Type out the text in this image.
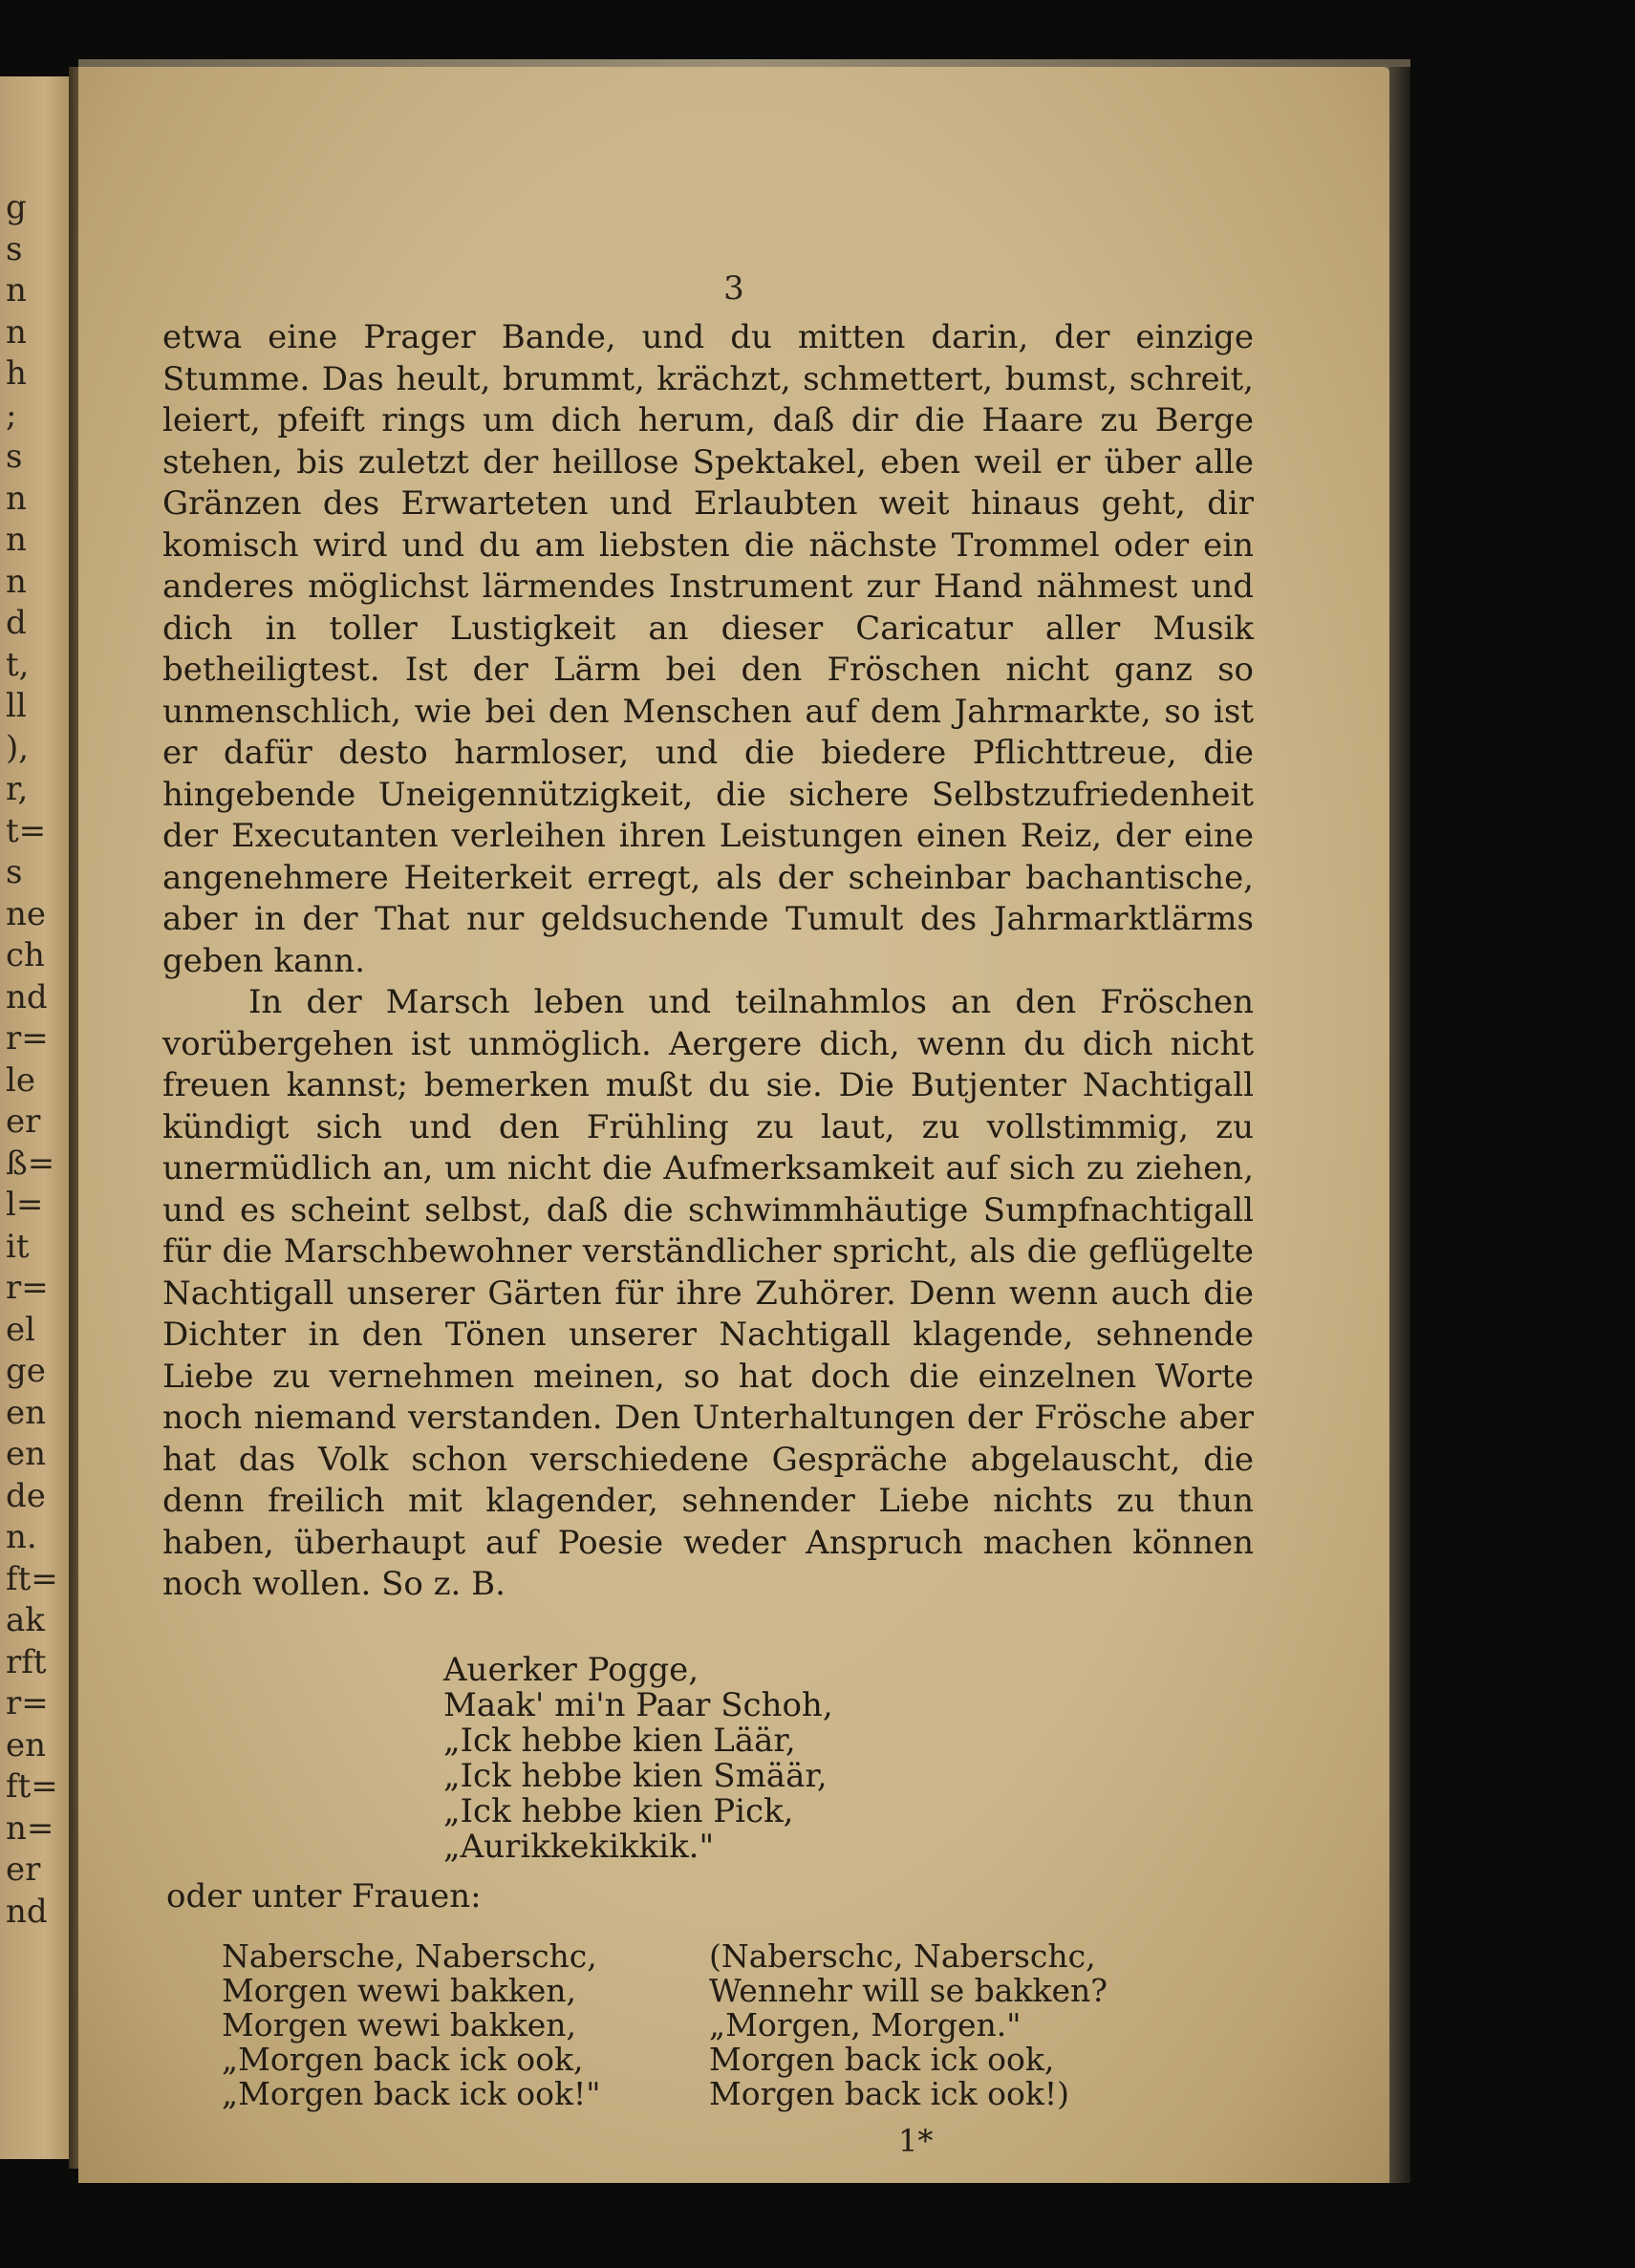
g
s
n
n
h
;
s
n
n
n
d
t,
ll
),
r,
t=
s
ne
ch
nd
r=
le
er
ß=
l=
it
r=
el
ge
en
en
de
n.
ft=
ak
rft
r=
en
ft=
n=
er
nd
3

etwa eine Prager Bande, und du mitten darin, der einzige Stumme. Das heult, brummt, krächzt, schmettert, bumst, schreit, leiert, pfeift rings um dich herum, daß dir die Haare zu Berge stehen, bis zuletzt der heillose Spektakel, eben weil er über alle Gränzen des Erwarteten und Erlaubten weit hinaus geht, dir komisch wird und du am liebsten die nächste Trommel oder ein anderes möglichst lärmendes Instrument zur Hand nähmest und dich in toller Lustigkeit an dieser Caricatur aller Musik betheiligtest. Ist der Lärm bei den Fröschen nicht ganz so unmenschlich, wie bei den Menschen auf dem Jahrmarkte, so ist er dafür desto harmloser, und die biedere Pflichttreue, die hingebende Uneigennützigkeit, die sichere Selbstzufriedenheit der Executanten verleihen ihren Leistungen einen Reiz, der eine angenehmere Heiterkeit erregt, als der scheinbar bachantische, aber in der That nur geldsuchende Tumult des Jahrmarktlärms geben kann.

In der Marsch leben und teilnahmlos an den Fröschen vorübergehen ist unmöglich. Aergere dich, wenn du dich nicht freuen kannst; bemerken mußt du sie. Die Butjenter Nachtigall kündigt sich und den Frühling zu laut, zu vollstimmig, zu unermüdlich an, um nicht die Aufmerksamkeit auf sich zu ziehen, und es scheint selbst, daß die schwimmhäutige Sumpfnachtigall für die Marschbewohner verständlicher spricht, als die geflügelte Nachtigall unserer Gärten für ihre Zuhörer. Denn wenn auch die Dichter in den Tönen unserer Nachtigall klagende, sehnende Liebe zu vernehmen meinen, so hat doch die einzelnen Worte noch niemand verstanden. Den Unterhaltungen der Frösche aber hat das Volk schon verschiedene Gespräche abgelauscht, die denn freilich mit klagender, sehnender Liebe nichts zu thun haben, überhaupt auf Poesie weder Anspruch machen können noch wollen. So z. B.

Auerker Pogge,
Maak' mi'n Paar Schoh,
„Ick hebbe kien Läär,
„Ick hebbe kien Smäär,
„Ick hebbe kien Pick,
„Aurikkekikkik."
oder unter Frauen:
Nabersche, Naberschc,
Morgen wewi bakken,
Morgen wewi bakken,
„Morgen back ick ook,
„Morgen back ick ook!"
(Naberschc, Naberschc,
Wennehr will se bakken?
„Morgen, Morgen."
Morgen back ick ook,
Morgen back ick ook!)
1*
